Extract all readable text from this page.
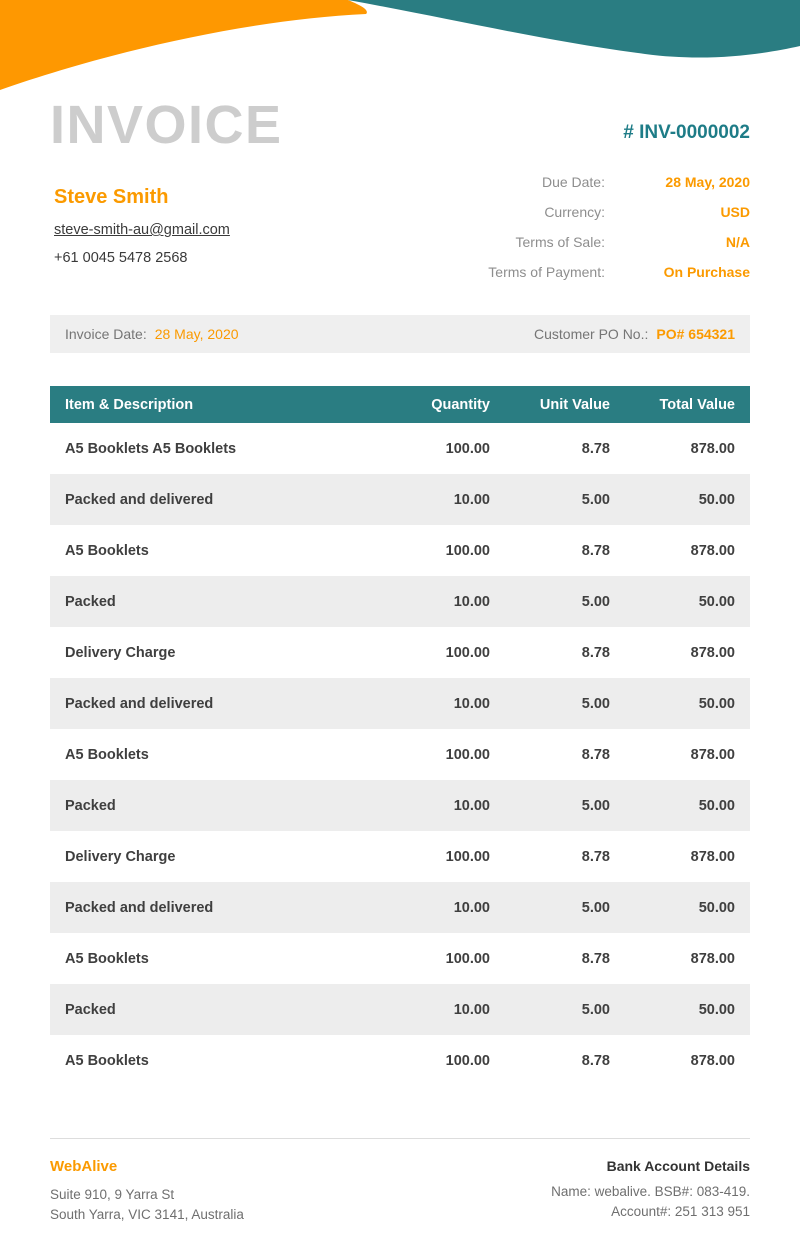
INVOICE	# INV-0000002
Steve Smith
steve-smith-au@gmail.com
+61 0045 5478 2568
Due Date:	28 May, 2020
Currency:	USD
Terms of Sale:	N/A
Terms of Payment:	On Purchase
Invoice Date: 28 May, 2020	Customer PO No.: PO# 654321
Item & Description	Quantity	Unit Value	Total Value
A5 Booklets A5 Booklets	100.00	8.78	878.00
Packed and delivered	10.00	5.00	50.00
A5 Booklets	100.00	8.78	878.00
Packed	10.00	5.00	50.00
Delivery Charge	100.00	8.78	878.00
Packed and delivered	10.00	5.00	50.00
A5 Booklets	100.00	8.78	878.00
Packed	10.00	5.00	50.00
Delivery Charge	100.00	8.78	878.00
Packed and delivered	10.00	5.00	50.00
A5 Booklets	100.00	8.78	878.00
Packed	10.00	5.00	50.00
A5 Booklets	100.00	8.78	878.00
WebAlive
Suite 910, 9 Yarra St
South Yarra, VIC 3141, Australia
Bank Account Details
Name: webalive. BSB#: 083-419.
Account#: 251 313 951
